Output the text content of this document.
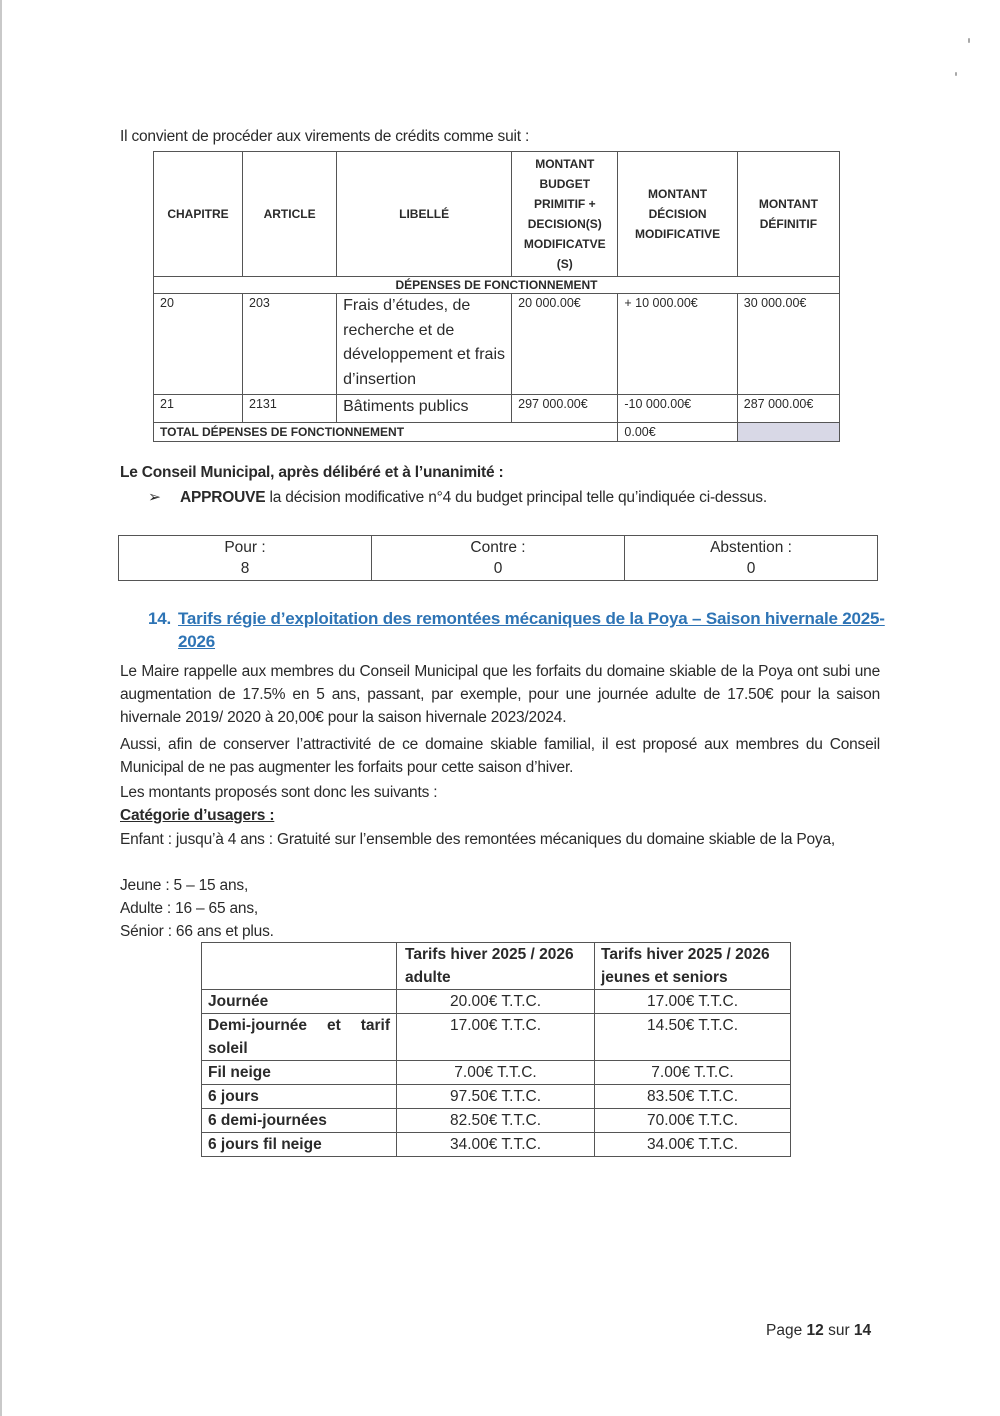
Il convient de procéder aux virements de crédits comme suit :
CHAPITRE	ARTICLE	LIBELLÉ	MONTANT BUDGET PRIMITIF + DECISION(S) MODIFICATVE (S)	MONTANT DÉCISION MODIFICATIVE	MONTANT DÉFINITIF
DÉPENSES DE FONCTIONNEMENT					
20	203	Frais d’études, de recherche et de développement et frais d’insertion	20 000.00€	+ 10 000.00€	30 000.00€
21	2131	Bâtiments publics	297 000.00€	-10 000.00€	287 000.00€
TOTAL DÉPENSES DE FONCTIONNEMENT				0.00€	
Le Conseil Municipal, après délibéré et à l’unanimité :
➢ APPROUVE la décision modificative n°4 du budget principal telle qu’indiquée ci-dessus.
Pour :
8

Contre :
0

Abstention :
0
14. Tarifs régie d’exploitation des remontées mécaniques de la Poya – Saison hivernale 2025-2026
Le Maire rappelle aux membres du Conseil Municipal que les forfaits du domaine skiable de la Poya ont subi une augmentation de 17.5% en 5 ans, passant, par exemple, pour une journée adulte de 17.50€ pour la saison hivernale 2019/ 2020 à 20,00€ pour la saison hivernale 2023/2024.
Aussi, afin de conserver l’attractivité de ce domaine skiable familial, il est proposé aux membres du Conseil Municipal de ne pas augmenter les forfaits pour cette saison d’hiver.
Les montants proposés sont donc les suivants :
Catégorie d’usagers :
Enfant : jusqu’à 4 ans : Gratuité sur l’ensemble des remontées mécaniques du domaine skiable de la Poya,
Jeune : 5 – 15 ans,
Adulte : 16 – 65 ans,
Sénior : 66 ans et plus.
	Tarifs hiver 2025 / 2026 adulte	Tarifs hiver 2025 / 2026 jeunes et seniors
Journée	20.00€ T.T.C.	17.00€ T.T.C.
Demi-journée et tarif soleil	17.00€ T.T.C.	14.50€ T.T.C.
Fil neige	7.00€ T.T.C.	7.00€ T.T.C.
6 jours	97.50€ T.T.C.	83.50€ T.T.C.
6 demi-journées	82.50€ T.T.C.	70.00€ T.T.C.
6 jours fil neige	34.00€ T.T.C.	34.00€ T.T.C.
Page 12 sur 14
